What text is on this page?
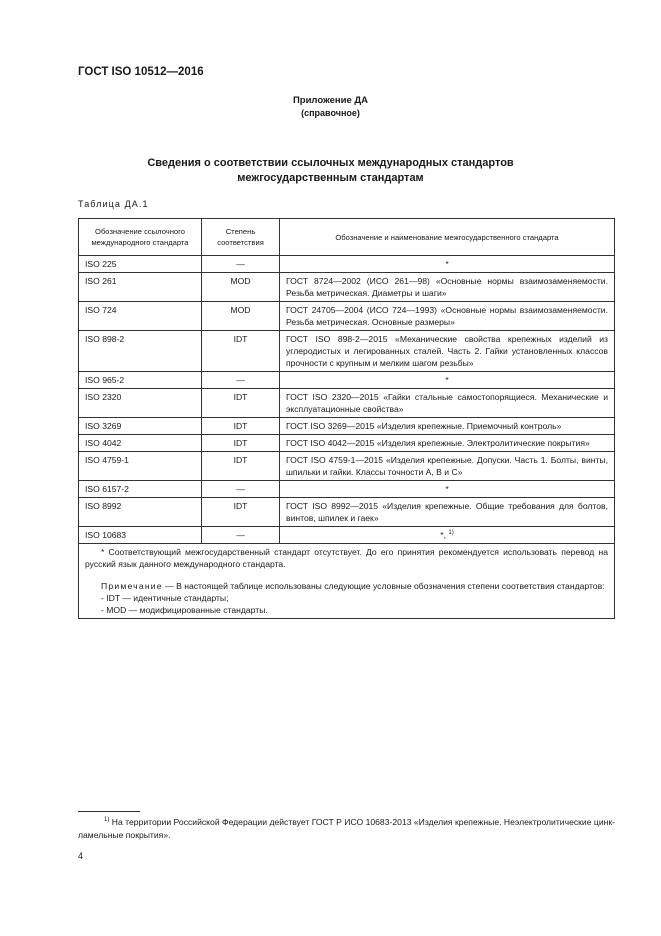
ГОСТ ISO 10512—2016
Приложение ДА
(справочное)
Сведения о соответствии ссылочных международных стандартов
межгосударственным стандартам
Таблица ДА.1
Обозначение ссылочного международного стандарта	Степень соответствия	Обозначение и наименование межгосударственного стандарта
ISO 225	—	*
ISO 261	MOD	ГОСТ 8724—2002 (ИСО 261—98) «Основные нормы взаимозаменяемости. Резьба метрическая. Диаметры и шаги»
ISO 724	MOD	ГОСТ 24705—2004 (ИСО 724—1993) «Основные нормы взаимозаменяемости. Резьба метрическая. Основные размеры»
ISO 898-2	IDT	ГОСТ ISO 898-2—2015 «Механические свойства крепежных изделий из углеродистых и легированных сталей. Часть 2. Гайки установленных классов прочности с крупным и мелким шагом резьбы»
ISO 965-2	—	*
ISO 2320	IDT	ГОСТ ISO 2320—2015 «Гайки стальные самостопорящиеся. Механические и эксплуатационные свойства»
ISO 3269	IDT	ГОСТ ISO 3269—2015 «Изделия крепежные. Приемочный контроль»
ISO 4042	IDT	ГОСТ ISO 4042—2015 «Изделия крепежные. Электролитические покрытия»
ISO 4759-1	IDT	ГОСТ ISO 4759-1—2015 «Изделия крепежные. Допуски. Часть 1. Болты, винты, шпильки и гайки. Классы точности А, В и С»
ISO 6157-2	—	*
ISO 8992	IDT	ГОСТ ISO 8992—2015 «Изделия крепежные. Общие требования для болтов, винтов, шпилек и гаек»
ISO 10683	—	*, $^{1)}$

* Соответствующий межгосударственный стандарт отсутствует. До его принятия рекомендуется использовать перевод на русский язык данного международного стандарта.

Примечание — В настоящей таблице использованы следующие условные обозначения степени соответствия стандартов:

- IDT — идентичные стандарты;

- MOD — модифицированные стандарты.		

$^{1)}$ На территории Российской Федерации действует ГОСТ Р ИСО 10683-2013 «Изделия крепежные. Неэлектролитические цинк-ламельные покрытия».
4
